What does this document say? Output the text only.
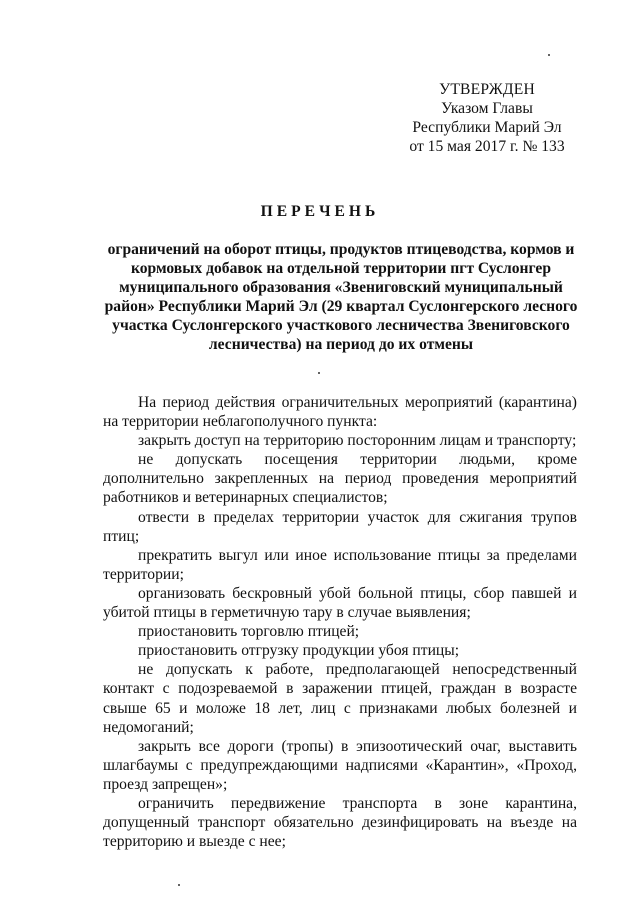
УТВЕРЖДЕН
Указом Главы
Республики Марий Эл
от 15 мая 2017 г. № 133
ПЕРЕЧЕНЬ
ограничений на оборот птицы, продуктов птицеводства, кормов и кормовых добавок на отдельной территории пгт Суслонгер муниципального образования «Звениговский муниципальный район» Республики Марий Эл (29 квартал Суслонгерского лесного участка Суслонгерского участкового лесничества Звениговского лесничества) на период до их отмены

На период действия ограничительных мероприятий (карантина) на территории неблагополучного пункта:

закрыть доступ на территорию посторонним лицам и транспорту;

не допускать посещения территории людьми, кроме дополнительно закрепленных на период проведения мероприятий работников и ветеринарных специалистов;

отвести в пределах территории участок для сжигания трупов птиц;

прекратить выгул или иное использование птицы за пределами территории;

организовать бескровный убой больной птицы, сбор павшей и убитой птицы в герметичную тару в случае выявления;

приостановить торговлю птицей;

приостановить отгрузку продукции убоя птицы;

не допускать к работе, предполагающей непосредственный контакт с подозреваемой в заражении птицей, граждан в возрасте свыше 65 и моложе 18 лет, лиц с признаками любых болезней и недомоганий;

закрыть все дороги (тропы) в эпизоотический очаг, выставить шлагбаумы с предупреждающими надписями «Карантин», «Проход, проезд запрещен»;

ограничить передвижение транспорта в зоне карантина, допущенный транспорт обязательно дезинфицировать на въезде на территорию и выезде с нее;
